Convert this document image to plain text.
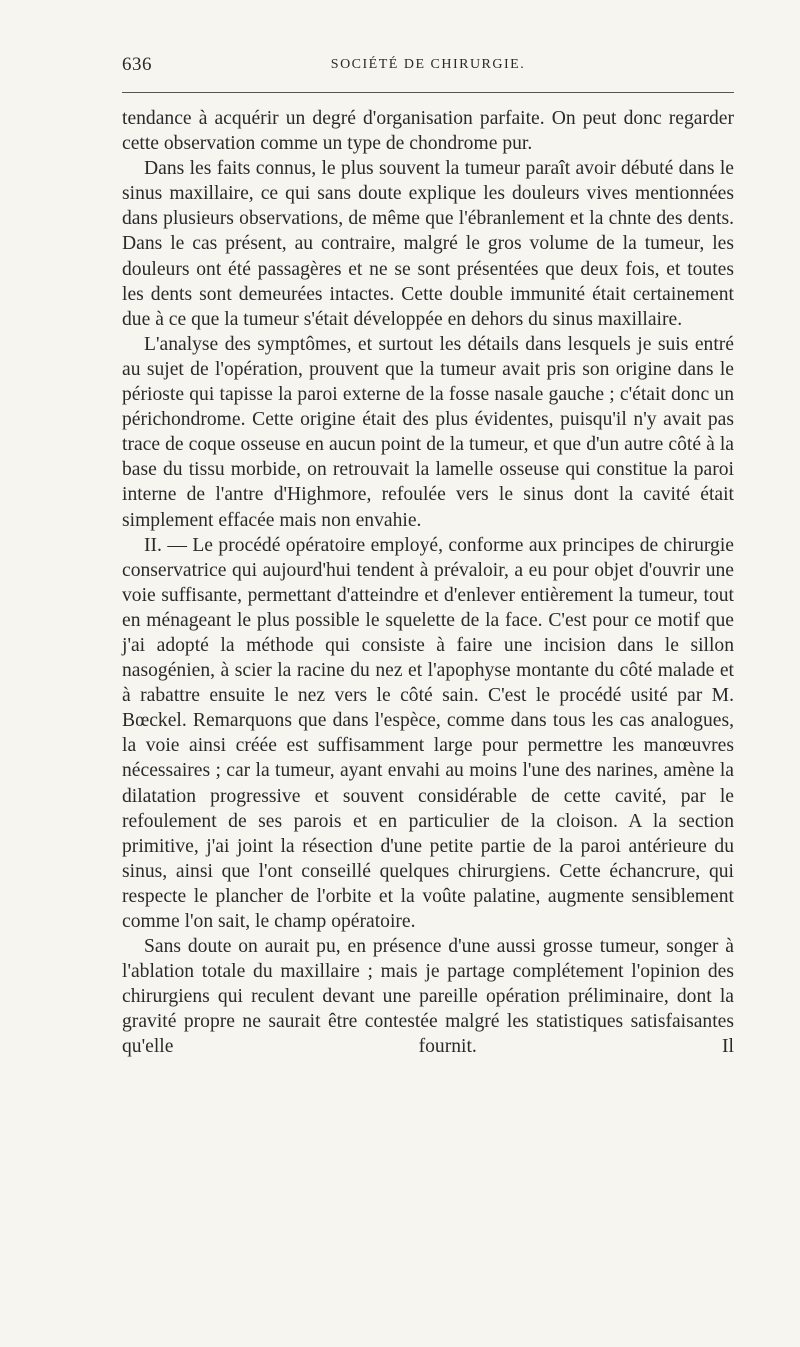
636	SOCIÉTÉ DE CHIRURGIE.

tendance à acquérir un degré d'organisation parfaite. On peut donc regarder cette observation comme un type de chondrome pur.

Dans les faits connus, le plus souvent la tumeur paraît avoir débuté dans le sinus maxillaire, ce qui sans doute explique les douleurs vives mentionnées dans plusieurs observations, de même que l'ébranlement et la chnte des dents. Dans le cas présent, au contraire, malgré le gros volume de la tumeur, les douleurs ont été passagères et ne se sont présentées que deux fois, et toutes les dents sont demeurées intactes. Cette double immunité était certainement due à ce que la tumeur s'était développée en dehors du sinus maxillaire.

L'analyse des symptômes, et surtout les détails dans lesquels je suis entré au sujet de l'opération, prouvent que la tumeur avait pris son origine dans le périoste qui tapisse la paroi externe de la fosse nasale gauche ; c'était donc un périchondrome. Cette origine était des plus évidentes, puisqu'il n'y avait pas trace de coque osseuse en aucun point de la tumeur, et que d'un autre côté à la base du tissu morbide, on retrouvait la lamelle osseuse qui constitue la paroi interne de l'antre d'Highmore, refoulée vers le sinus dont la cavité était simplement effacée mais non envahie.

II. — Le procédé opératoire employé, conforme aux principes de chirurgie conservatrice qui aujourd'hui tendent à prévaloir, a eu pour objet d'ouvrir une voie suffisante, permettant d'atteindre et d'enlever entièrement la tumeur, tout en ménageant le plus possible le squelette de la face. C'est pour ce motif que j'ai adopté la méthode qui consiste à faire une incision dans le sillon nasogénien, à scier la racine du nez et l'apophyse montante du côté malade et à rabattre ensuite le nez vers le côté sain. C'est le procédé usité par M. Bœckel. Remarquons que dans l'espèce, comme dans tous les cas analogues, la voie ainsi créée est suffisamment large pour permettre les manœuvres nécessaires ; car la tumeur, ayant envahi au moins l'une des narines, amène la dilatation progressive et souvent considérable de cette cavité, par le refoulement de ses parois et en particulier de la cloison. A la section primitive, j'ai joint la résection d'une petite partie de la paroi antérieure du sinus, ainsi que l'ont conseillé quelques chirurgiens. Cette échancrure, qui respecte le plancher de l'orbite et la voûte palatine, augmente sensiblement comme l'on sait, le champ opératoire.

Sans doute on aurait pu, en présence d'une aussi grosse tumeur, songer à l'ablation totale du maxillaire ; mais je partage complétement l'opinion des chirurgiens qui reculent devant une pareille opération préliminaire, dont la gravité propre ne saurait être contestée malgré les statistiques satisfaisantes qu'elle fournit. Il
